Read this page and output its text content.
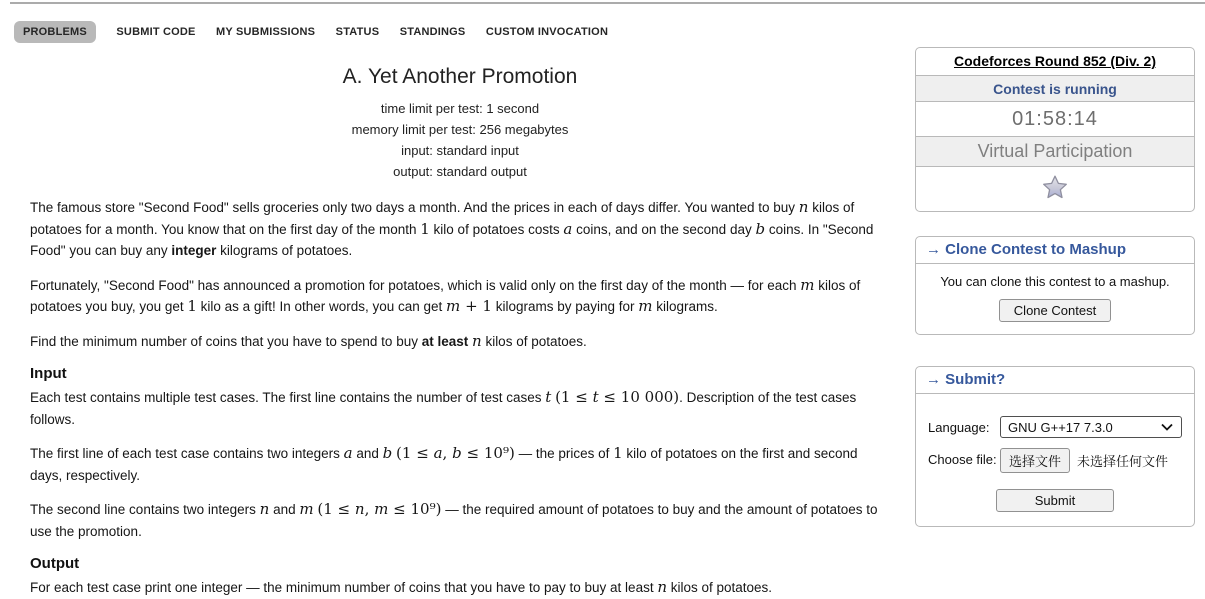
PROBLEMS	SUBMIT CODE MY SUBMISSIONS STATUS STANDINGS CUSTOM INVOCATION
A. Yet Another Promotion
time limit per test: 1 second
memory limit per test: 256 megabytes
input: standard input
output: standard output

The famous store "Second Food" sells groceries only two days a month. And the prices in each of days differ. You wanted to buy n kilos of potatoes for a month. You know that on the first day of the month 1 kilo of potatoes costs a coins, and on the second day b coins. In "Second Food" you can buy any integer kilograms of potatoes.

Fortunately, "Second Food" has announced a promotion for potatoes, which is valid only on the first day of the month — for each m kilos of potatoes you buy, you get 1 kilo as a gift! In other words, you can get m + 1 kilograms by paying for m kilograms.

Find the minimum number of coins that you have to spend to buy at least n kilos of potatoes.

Input

Each test contains multiple test cases. The first line contains the number of test cases t (1 ≤ t ≤ 10 000). Description of the test cases follows.

The first line of each test case contains two integers a and b (1 ≤ a, b ≤ 10⁹) — the prices of 1 kilo of potatoes on the first and second days, respectively.

The second line contains two integers n and m (1 ≤ n, m ≤ 10⁹) — the required amount of potatoes to buy and the amount of potatoes to use the promotion.

Output

For each test case print one integer — the minimum number of coins that you have to pay to buy at least n kilos of potatoes.

Codeforces Round 852 (Div. 2)
Contest is running
01:58:14
Virtual Participation
→ Clone Contest to Mashup
You can clone this contest to a mashup.
Clone Contest
→ Submit?
Language:	GNU G++17 7.3.0
Choose file: 选择文件	未选择任何文件
Submit
